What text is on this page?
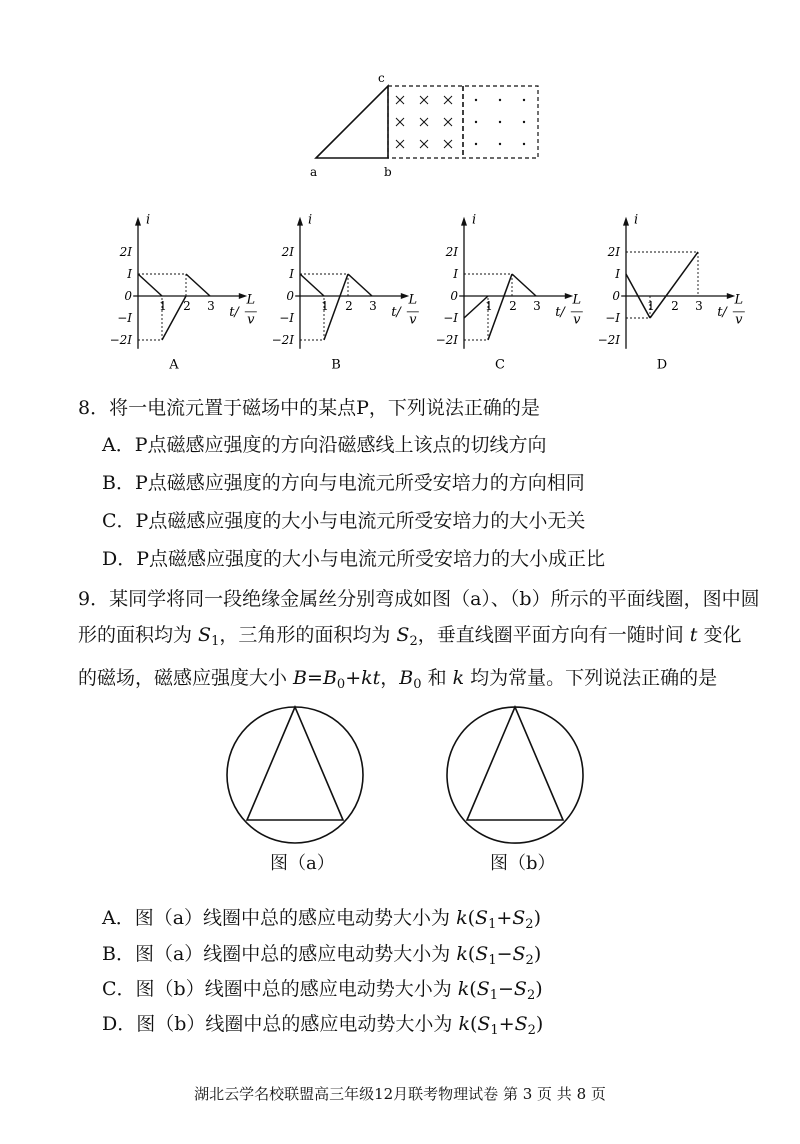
c
a	b
i
2I
I
0
−I
−2I
1 2 3 t/
L
v
A
i
2I
I
0
−I
−2I
1 2 3 t/
L
v
B
i
2I
I
0
−I
−2I
1 2 3 t/
L
v
C
i
2I
I
0
−I
−2I
1 2 3 t/
L
v
D
8．将一电流元置于磁场中的某点P，下列说法正确的是
A．P点磁感应强度的方向沿磁感线上该点的切线方向
B．P点磁感应强度的方向与电流元所受安培力的方向相同
C．P点磁感应强度的大小与电流元所受安培力的大小无关
D．P点磁感应强度的大小与电流元所受安培力的大小成正比

9．某同学将同一段绝缘金属丝分别弯成如图（a）、（b）所示的平面线圈，图中圆

形的面积均为 $S_1$，三角形的面积均为 $S_2$，垂直线圈平面方向有一随时间 t 变化

的磁场，磁感应强度大小 $B=B_0+kt$，$B_0$ 和 k 均为常量。下列说法正确的是

图（a）	图（b）
A．图（a）线圈中总的感应电动势大小为 $k(S_1+S_2)$
B．图（a）线圈中总的感应电动势大小为 $k(S_1-S_2)$
C．图（b）线圈中总的感应电动势大小为 $k(S_1-S_2)$
D．图（b）线圈中总的感应电动势大小为 $k(S_1+S_2)$
湖北云学名校联盟高三年级12月联考物理试卷 第 3 页 共 8 页
